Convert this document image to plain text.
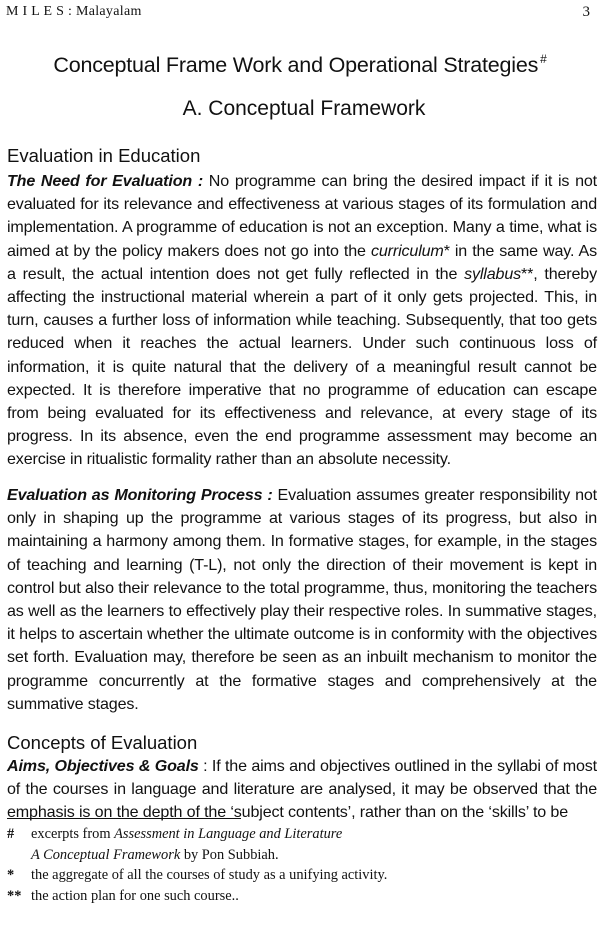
M I L E S : Malayalam	3
Conceptual Frame Work and Operational Strategies #
A. Conceptual Framework
Evaluation in Education
The Need for Evaluation : No programme can bring the desired impact if it is not evaluated for its relevance and effectiveness at various stages of its formulation and implementation. A programme of education is not an exception. Many a time, what is aimed at by the policy makers does not go into the curriculum* in the same way. As a result, the actual intention does not get fully reflected in the syllabus**, thereby affecting the instructional material wherein a part of it only gets projected. This, in turn, causes a further loss of information while teaching. Subsequently, that too gets reduced when it reaches the actual learners. Under such continuous loss of information, it is quite natural that the delivery of a meaningful result cannot be expected. It is therefore imperative that no programme of education can escape from being evaluated for its effectiveness and relevance, at every stage of its progress. In its absence, even the end programme assessment may become an exercise in ritualistic formality rather than an absolute necessity.
Evaluation as Monitoring Process : Evaluation assumes greater responsibility not only in shaping up the programme at various stages of its progress, but also in maintaining a harmony among them. In formative stages, for example, in the stages of teaching and learning (T-L), not only the direction of their movement is kept in control but also their relevance to the total programme, thus, monitoring the teachers as well as the learners to effectively play their respective roles. In summative stages, it helps to ascertain whether the ultimate outcome is in conformity with the objectives set forth. Evaluation may, therefore be seen as an inbuilt mechanism to monitor the programme concurrently at the formative stages and comprehensively at the summative stages.
Concepts of Evaluation
Aims, Objectives & Goals : If the aims and objectives outlined in the syllabi of most of the courses in language and literature are analysed, it may be observed that the emphasis is on the depth of the ‘subject contents’, rather than on the ‘skills’ to be
# excerpts from Assessment in Language and Literature
A Conceptual Framework by Pon Subbiah.
* the aggregate of all the courses of study as a unifying activity.
** the action plan for one such course..
